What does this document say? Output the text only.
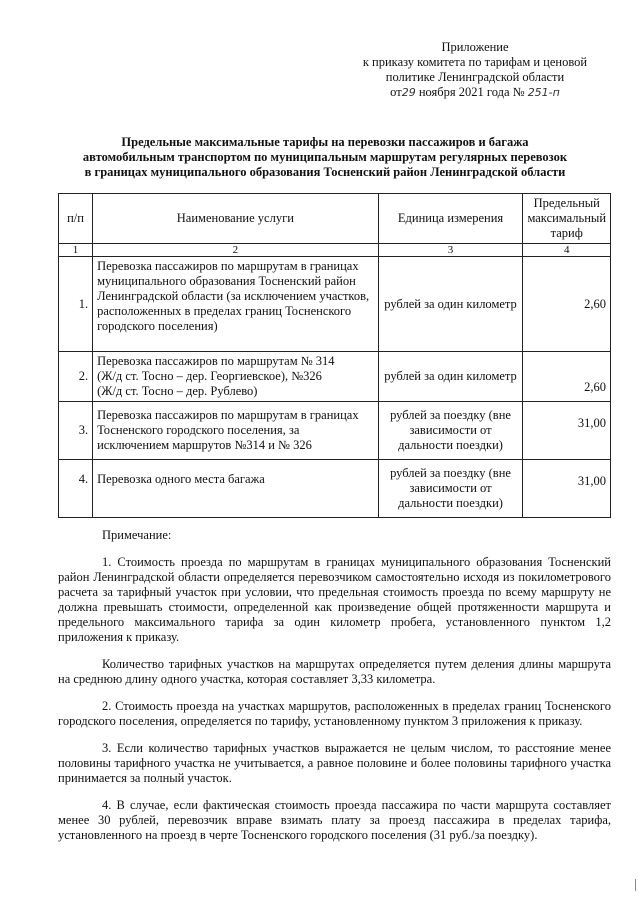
Приложение
к приказу комитета по тарифам и ценовой
политике Ленинградской области
от29 ноября 2021 года № 251-п
Предельные максимальные тарифы на перевозки пассажиров и багажа
автомобильным транспортом по муниципальным маршрутам регулярных перевозок
в границах муниципального образования Тосненский район Ленинградской области
п/п	Наименование услуги	Единица измерения	Предельный максимальный тариф
1	2	3	4
1.	Перевозка пассажиров по маршрутам в границах муниципального образования Тосненский район Ленинградской области (за исключением участков, расположенных в пределах границ Тосненского городского поселения)	рублей за один километр	2,60
2.	Перевозка пассажиров по маршрутам № 314
(Ж/д ст. Тосно – дер. Георгиевское), №326
(Ж/д ст. Тосно – дер. Рублево)	рублей за один километр	2,60
3.	Перевозка пассажиров по маршрутам в границах Тосненского городского поселения, за исключением маршрутов №314 и № 326	рублей за поездку (вне зависимости от дальности поездки)	31,00
4.	Перевозка одного места багажа	рублей за поездку (вне зависимости от дальности поездки)	31,00
Примечание:

1. Стоимость проезда по маршрутам в границах муниципального образования Тосненский район Ленинградской области определяется перевозчиком самостоятельно исходя из покилометрового расчета за тарифный участок при условии, что предельная стоимость проезда по всему маршруту не должна превышать стоимости, определенной как произведение общей протяженности маршрута и предельного максимального тарифа за один километр пробега, установленного пунктом 1,2 приложения к приказу.

Количество тарифных участков на маршрутах определяется путем деления длины маршрута на среднюю длину одного участка, которая составляет 3,33 километра.

2. Стоимость проезда на участках маршрутов, расположенных в пределах границ Тосненского городского поселения, определяется по тарифу, установленному пунктом 3 приложения к приказу.

3. Если количество тарифных участков выражается не целым числом, то расстояние менее половины тарифного участка не учитывается, а равное половине и более половины тарифного участка принимается за полный участок.

4. В случае, если фактическая стоимость проезда пассажира по части маршрута составляет менее 30 рублей, перевозчик вправе взимать плату за проезд пассажира в пределах тарифа, установленного на проезд в черте Тосненского городского поселения (31 руб./за поездку).
